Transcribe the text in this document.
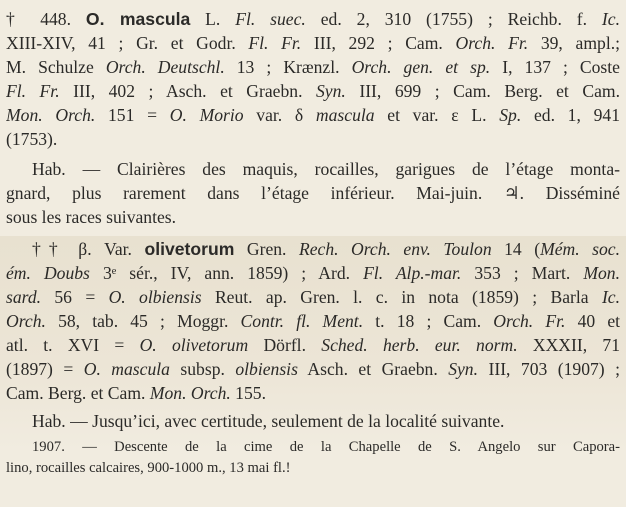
† 448. O. mascula L. Fl. suec. ed. 2, 310 (1755) ; Reichb. f. Ic.
XIII-XIV, 41 ; Gr. et Godr. Fl. Fr. III, 292 ; Cam. Orch. Fr. 39, ampl.;
M. Schulze Orch. Deutschl. 13 ; Krænzl. Orch. gen. et sp. I, 137 ; Coste
Fl. Fr. III, 402 ; Asch. et Graebn. Syn. III, 699 ; Cam. Berg. et Cam.
Mon. Orch. 151 = O. Morio var. δ mascula et var. ε L. Sp. ed. 1, 941
(1753).
Hab. — Clairières des maquis, rocailles, garigues de l’étage monta-
gnard, plus rarement dans l’étage inférieur. Mai-juin. ♃. Disséminé
sous les races suivantes.
†† β. Var. olivetorum Gren. Rech. Orch. env. Toulon 14 (Mém. soc.
ém. Doubs 3ᵉ sér., IV, ann. 1859) ; Ard. Fl. Alp.-mar. 353 ; Mart. Mon.
sard. 56 = O. olbiensis Reut. ap. Gren. l. c. in nota (1859) ; Barla Ic.
Orch. 58, tab. 45 ; Moggr. Contr. fl. Ment. t. 18 ; Cam. Orch. Fr. 40 et
atl. t. XVI = O. olivetorum Dörfl. Sched. herb. eur. norm. XXXII, 71
(1897) = O. mascula subsp. olbiensis Asch. et Graebn. Syn. III, 703 (1907) ;
Cam. Berg. et Cam. Mon. Orch. 155.
Hab. — Jusqu’ici, avec certitude, seulement de la localité suivante.
1907. — Descente de la cime de la Chapelle de S. Angelo sur Capora-
lino, rocailles calcaires, 900-1000 m., 13 mai fl.!
